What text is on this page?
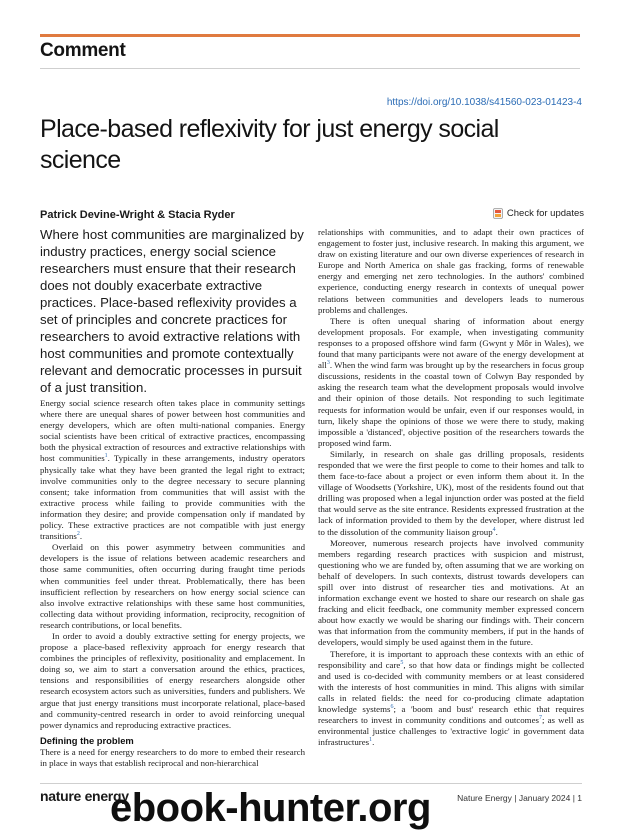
Comment
https://doi.org/10.1038/s41560-023-01423-4
Place-based reflexivity for just energy social science
Patrick Devine-Wright & Stacia Ryder	Check for updates

Where host communities are marginalized by industry practices, energy social science researchers must ensure that their research does not doubly exacerbate extractive practices. Place-based reflexivity provides a set of principles and concrete practices for researchers to avoid extractive relations with host communities and promote contextually relevant and democratic processes in pursuit of a just transition.

Energy social science research often takes place in community settings where there are unequal shares of power between host communities and energy developers, which are often multi-national companies. Energy social scientists have been critical of extractive practices, encompassing both the physical extraction of resources and extractive relationships with host communities$^1$. Typically in these arrangements, industry operators physically take what they have been granted the legal right to extract; involve communities only to the degree necessary to secure planning consent; take information from communities that will assist with the extractive process while failing to provide communities with the information they desire; and provide compensation only if mandated by policy. These extractive practices are not compatible with just energy transitions$^2$.

Overlaid on this power asymmetry between communities and developers is the issue of relations between academic researchers and those same communities, often occurring during fraught time periods when communities feel under threat. Problematically, there has been insufficient reflection by researchers on how energy social science can also involve extractive relationships with these same host communities, collecting data without providing information, reciprocity, recognition of research contributions, or local benefits.

In order to avoid a doubly extractive setting for energy projects, we propose a place-based reflexivity approach for energy research that combines the principles of reflexivity, positionality and emplacement. In doing so, we aim to start a conversation around the ethics, practices, tensions and responsibilities of energy researchers alongside other research ecosystem actors such as universities, funders and publishers. We argue that just energy transitions must incorporate relational, place-based and community-centred research in order to avoid reinforcing unequal power dynamics and reproducing extractive practices.

Defining the problem

There is a need for energy researchers to do more to embed their research in place in ways that establish reciprocal and non-hierarchical

relationships with communities, and to adapt their own practices of engagement to foster just, inclusive research. In making this argument, we draw on existing literature and our own diverse experiences of research in Europe and North America on shale gas fracking, forms of renewable energy and emerging net zero technologies. In the authors' combined experience, conducting energy research in contexts of unequal power relations between communities and developers leads to numerous problems and challenges.

There is often unequal sharing of information about energy development proposals. For example, when investigating community responses to a proposed offshore wind farm (Gwynt y Môr in Wales), we found that many participants were not aware of the energy development at all$^3$. When the wind farm was brought up by the researchers in focus group discussions, residents in the coastal town of Colwyn Bay responded by asking the research team what the development proposals would involve and their opinion of those details. Not responding to such legitimate requests for information would be unfair, even if our responses would, in turn, likely shape the opinions of those we were there to study, making impossible a 'distanced', objective position of the researchers towards the proposed wind farm.

Similarly, in research on shale gas drilling proposals, residents responded that we were the first people to come to their homes and talk to them face-to-face about a project or even inform them about it. In the village of Woodsetts (Yorkshire, UK), most of the residents found out that drilling was proposed when a legal injunction order was posted at the field that would serve as the site entrance. Residents expressed frustration at the lack of information provided to them by the developer, where distrust led to the dissolution of the community liaison group$^4$.

Moreover, numerous research projects have involved community members regarding research practices with suspicion and mistrust, questioning who we are funded by, often assuming that we are working on behalf of developers. In such contexts, distrust towards developers can spill over into distrust of researcher ties and motivations. At an information exchange event we hosted to share our research on shale gas fracking and elicit feedback, one community member expressed concern about how exactly we would be sharing our findings with. Their concern was that information from the community members, if put in the hands of developers, would simply be used against them in the future.

Therefore, it is important to approach these contexts with an ethic of responsibility and care$^5$, so that how data or findings might be collected and used is co-decided with community members or at least considered with the interests of host communities in mind. This aligns with similar calls in related fields: the need for co-producing climate adaptation knowledge systems$^6$; a 'boom and bust' research ethic that requires researchers to invest in community conditions and outcomes$^7$; as well as environmental justice challenges to 'extractive logic' in government data infrastructures$^1$.

nature energy	Nature Energy | January 2024 | 1
ebook-hunter.org
